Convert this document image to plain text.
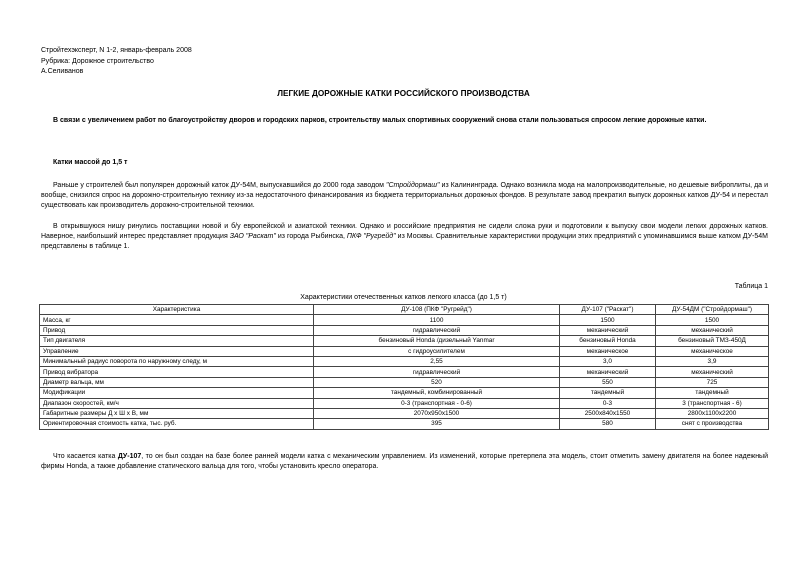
Стройтехэксперт, N 1-2, январь-февраль 2008
Рубрика: Дорожное строительство
А.Селиванов
ЛЕГКИЕ ДОРОЖНЫЕ КАТКИ РОССИЙСКОГО ПРОИЗВОДСТВА
В связи с увеличением работ по благоустройству дворов и городских парков, строительству малых спортивных сооружений снова стали пользоваться спросом легкие дорожные катки.
Катки массой до 1,5 т
Раньше у строителей был популярен дорожный каток ДУ-54М, выпускавшийся до 2000 года заводом "Стройдормаш" из Калининграда. Однако возникла мода на малопроизводительные, но дешевые виброплиты, да и вообще, снизился спрос на дорожно-строительную технику из-за недостаточного финансирования из бюджета территориальных дорожных фондов. В результате завод прекратил выпуск дорожных катков ДУ-54 и перестал существовать как производитель дорожно-строительной техники.
В открывшуюся нишу ринулись поставщики новой и б/у европейской и азиатской техники. Однако и российские предприятия не сидели сложа руки и подготовили к выпуску свои модели легких дорожных катков. Наверное, наибольший интерес представляет продукция ЗАО "Раскат" из города Рыбинска, ПКФ "Ругрейд" из Москвы. Сравнительные характеристики продукции этих предприятий с упоминавшимся выше катком ДУ-54М представлены в таблице 1.
Таблица 1
Характеристики отечественных катков легкого класса (до 1,5 т)
Характеристика	ДУ-108 (ПКФ "Ругрейд")	ДУ-107 ("Раскат")	ДУ-54ДМ ("Стройдормаш")
Масса, кг	1100	1500	1500
Привод	гидравлический	механический	механический
Тип двигателя	бензиновый Honda /дизельный Yanmar	бензиновый Honda	бензиновый ТМЗ-450Д
Управление	с гидроусилителем	механическое	механическое
Минимальный радиус поворота по наружному следу, м	2,55	3,0	3,9
Привод вибратора	гидравлический	механический	механический
Диаметр вальца, мм	520	550	725
Модификации	тандемный, комбинированный	тандемный	тандемный
Диапазон скоростей, км/ч	0-3 (транспортная - 0-6)	0-3	3 (транспортная - 6)
Габаритные размеры Д х Ш х В, мм	2070x950x1500	2500x840x1550	2800x1100x2200
Ориентировочная стоимость катка, тыс. руб.	395	580	снят с производства
Что касается катка ДУ-107, то он был создан на базе более ранней модели катка с механическим управлением. Из изменений, которые претерпела эта модель, стоит отметить замену двигателя на более надежный фирмы Honda, а также добавление статического вальца для того, чтобы установить кресло оператора.
